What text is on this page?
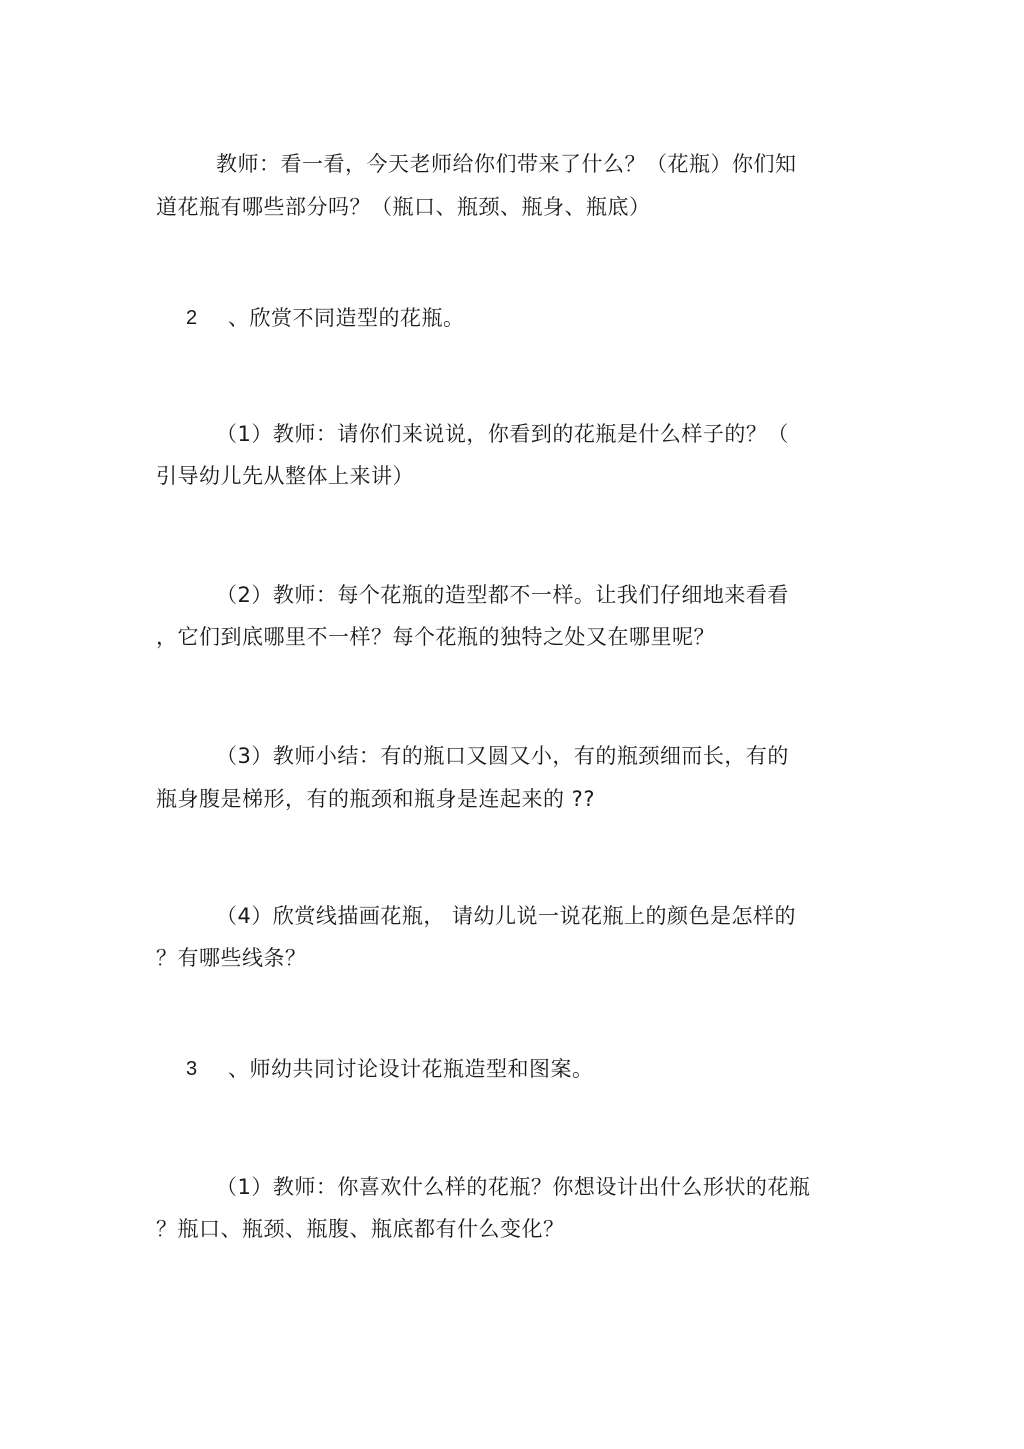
教师：看一看，今天老师给你们带来了什么？（花瓶）你们知
道花瓶有哪些部分吗？（瓶口、瓶颈、瓶身、瓶底）
2 、欣赏不同造型的花瓶。
（1）教师：请你们来说说，你看到的花瓶是什么样子的？（
引导幼儿先从整体上来讲）
（2）教师：每个花瓶的造型都不一样。让我们仔细地来看看
，它们到底哪里不一样？每个花瓶的独特之处又在哪里呢？
（3）教师小结：有的瓶口又圆又小，有的瓶颈细而长，有的
瓶身腹是梯形，有的瓶颈和瓶身是连起来的 ??
（4）欣赏线描画花瓶， 请幼儿说一说花瓶上的颜色是怎样的
？有哪些线条？
3 、师幼共同讨论设计花瓶造型和图案。
（1）教师：你喜欢什么样的花瓶？你想设计出什么形状的花瓶
？瓶口、瓶颈、瓶腹、瓶底都有什么变化？
